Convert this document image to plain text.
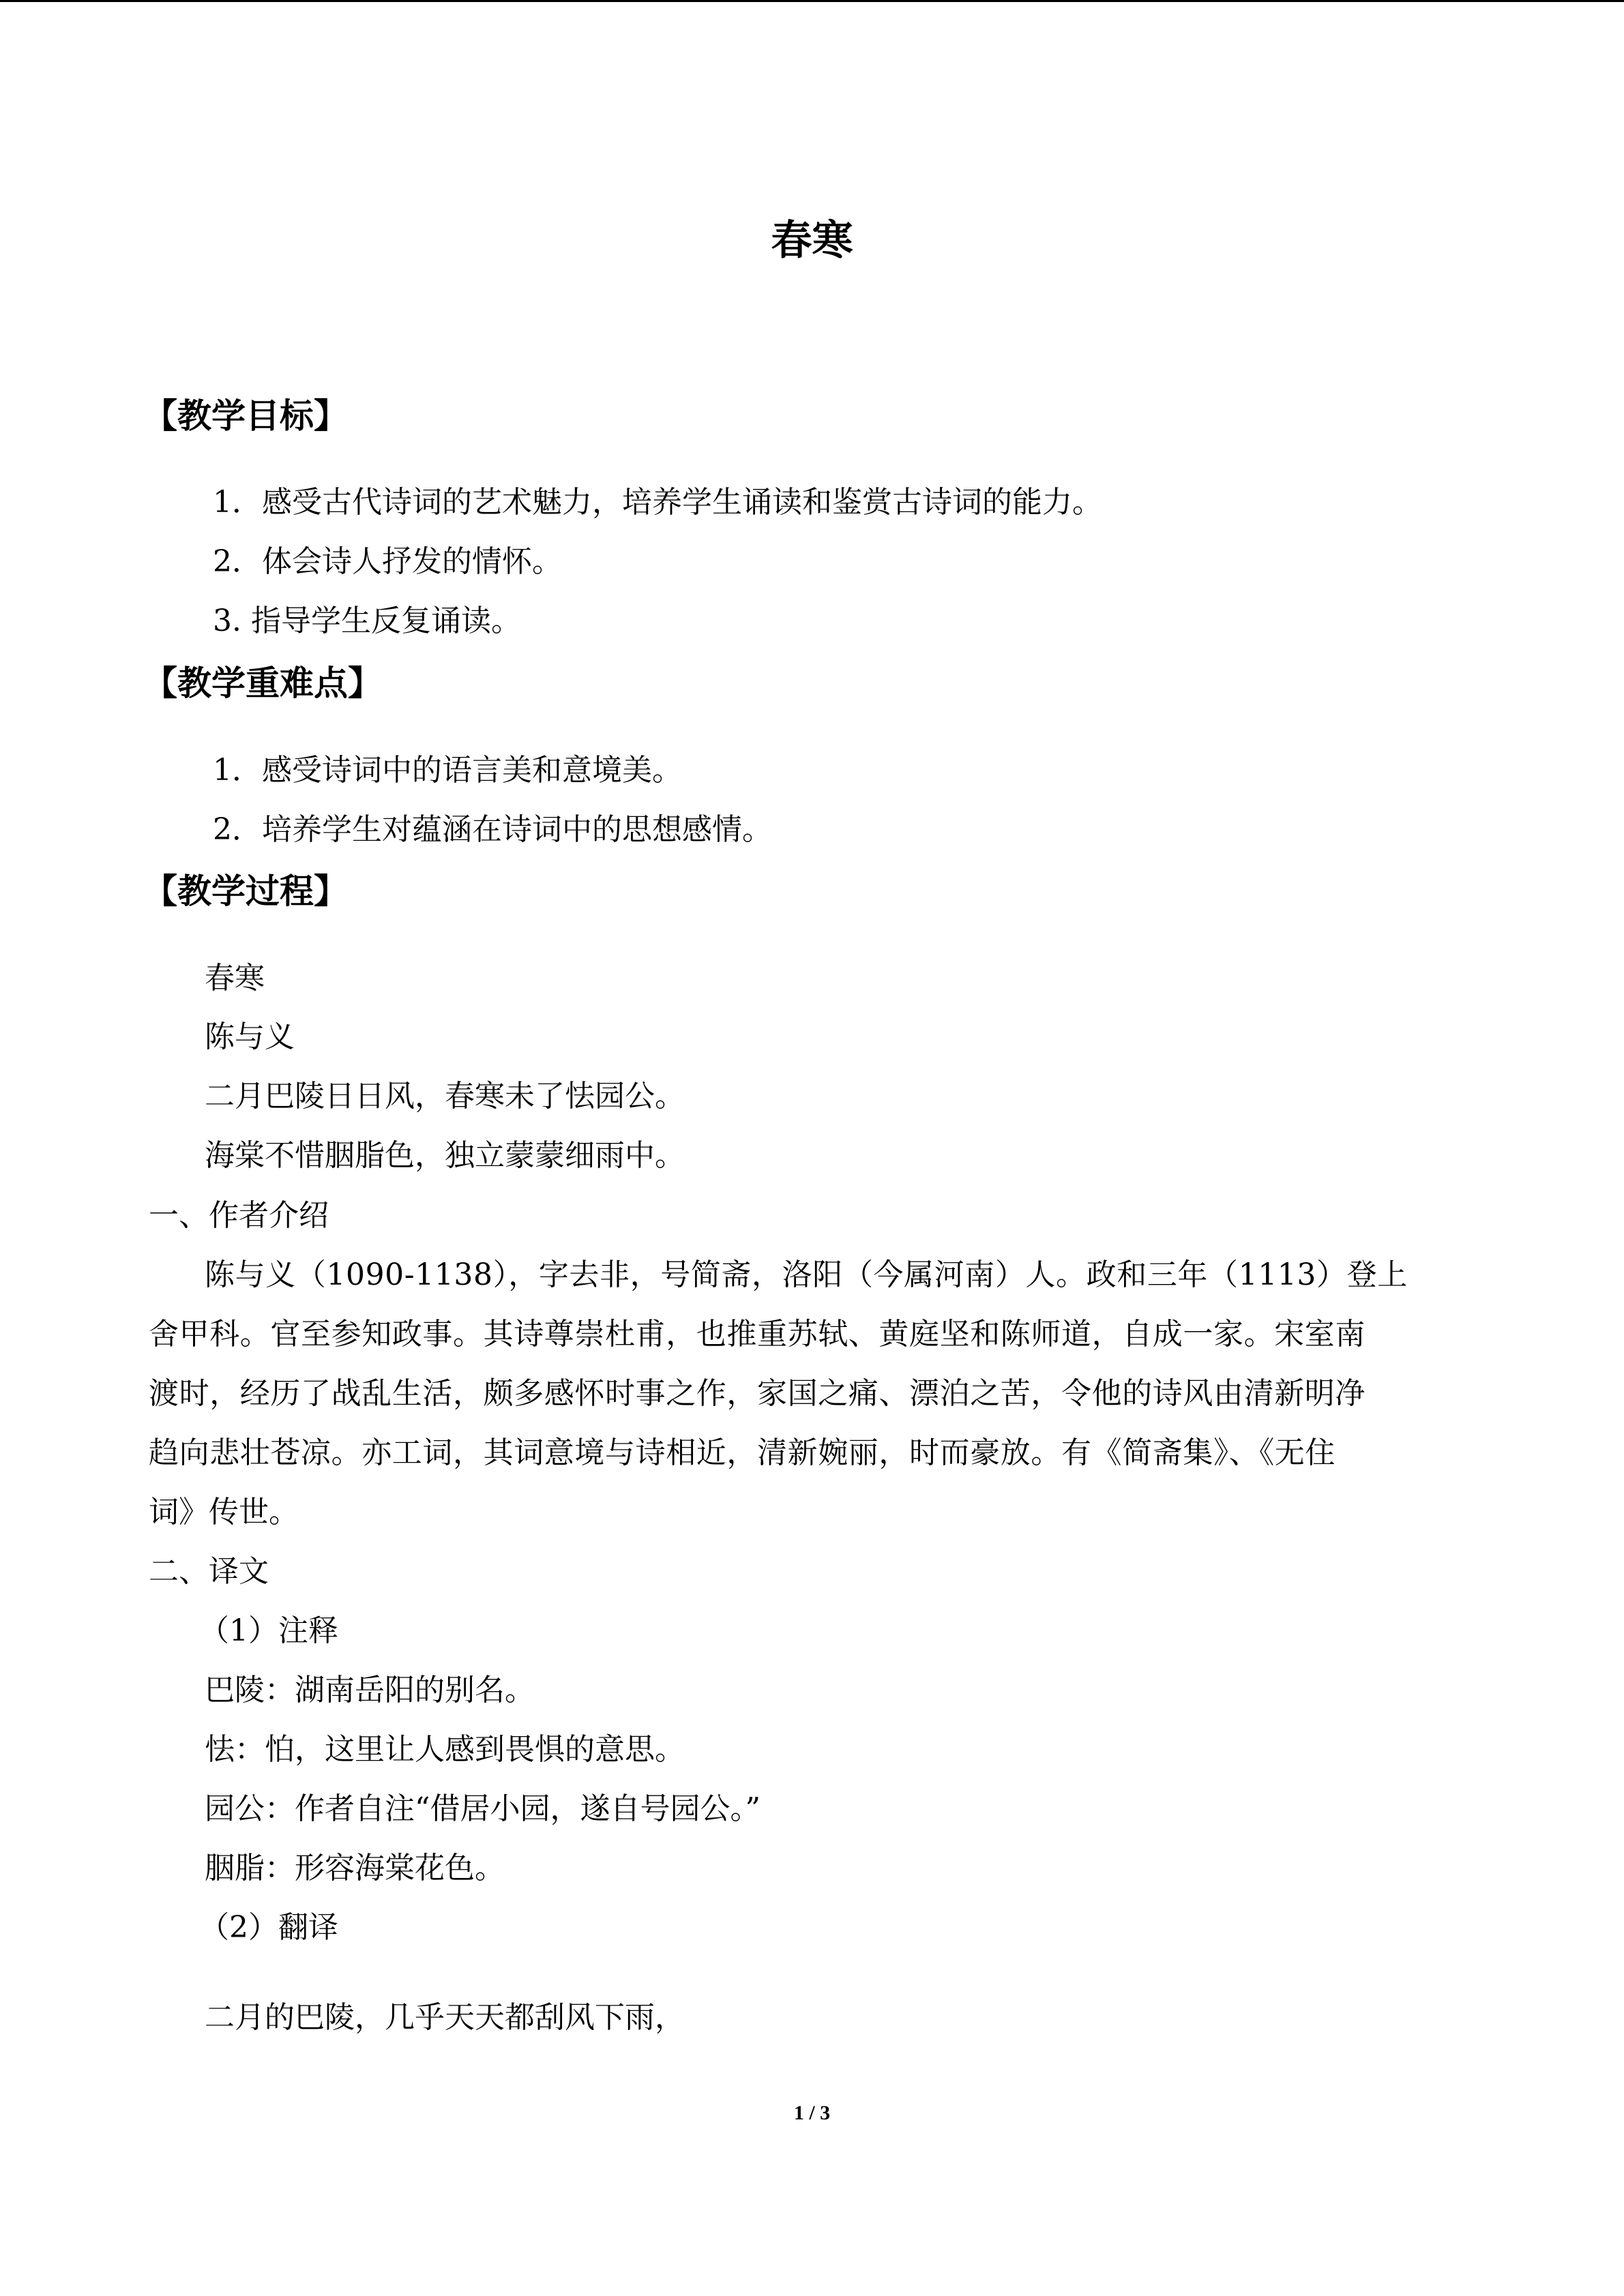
春寒
【教学目标】
1．感受古代诗词的艺术魅力，培养学生诵读和鉴赏古诗词的能力。
2．体会诗人抒发的情怀。
3. 指导学生反复诵读。
【教学重难点】
1．感受诗词中的语言美和意境美。
2．培养学生对蕴涵在诗词中的思想感情。
【教学过程】
春寒
陈与义
二月巴陵日日风，春寒未了怯园公。
海棠不惜胭脂色，独立蒙蒙细雨中。
一、作者介绍
陈与义（1090-1138），字去非，号简斋，洛阳（今属河南）人。政和三年（1113）登上
舍甲科。官至参知政事。其诗尊崇杜甫，也推重苏轼、黄庭坚和陈师道，自成一家。宋室南
渡时，经历了战乱生活，颇多感怀时事之作，家国之痛、漂泊之苦，令他的诗风由清新明净
趋向悲壮苍凉。亦工词，其词意境与诗相近，清新婉丽，时而豪放。有《简斋集》、《无住
词》传世。
二、译文
（1）注释
巴陵：湖南岳阳的别名。
怯：怕，这里让人感到畏惧的意思。
园公：作者自注“借居小园，遂自号园公。”
胭脂：形容海棠花色。
（2）翻译
二月的巴陵，几乎天天都刮风下雨，
1 / 3
